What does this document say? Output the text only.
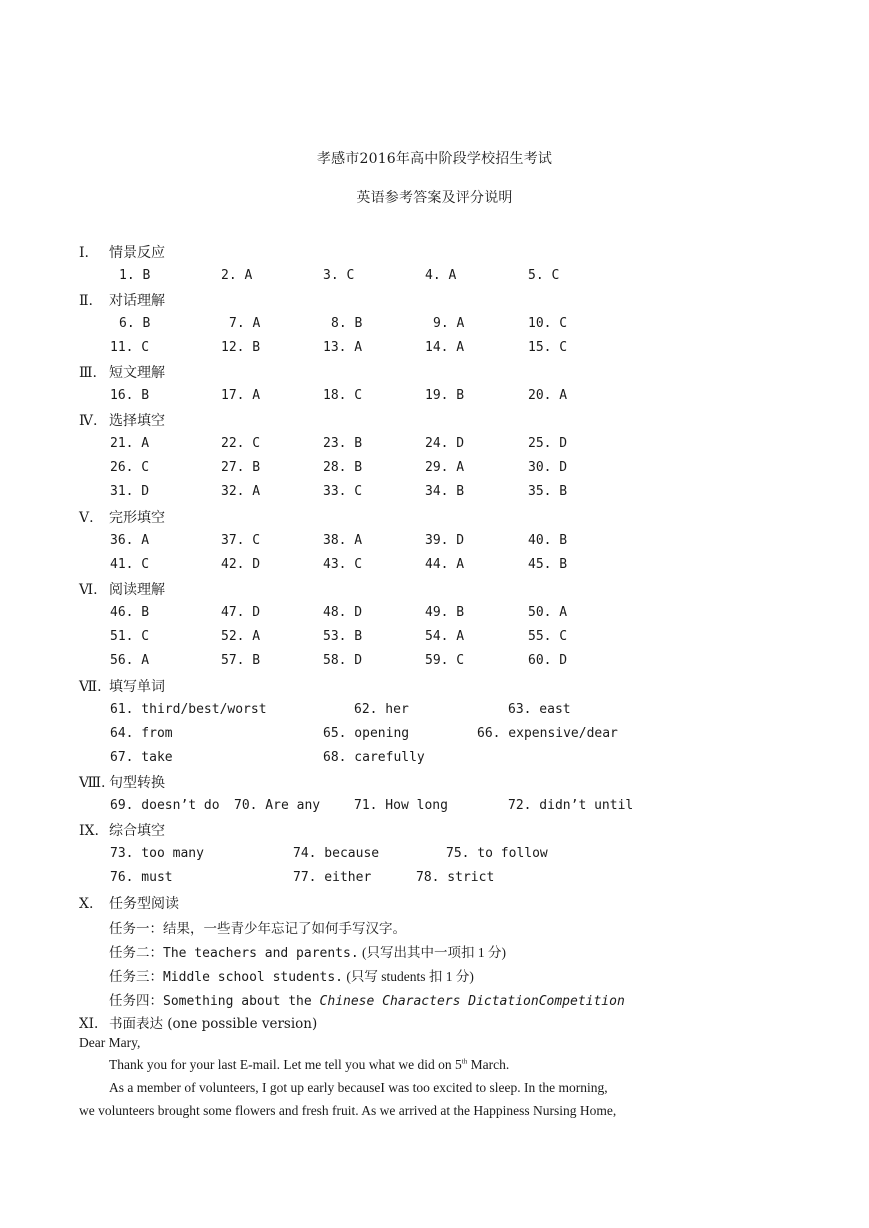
孝感市2016年高中阶段学校招生考试
英语参考答案及评分说明
Ⅰ. 情景反应
1. B	2. A	3. C	4. A	5. C
Ⅱ. 对话理解
6. B	7. A	8. B	9. A	10. C
11. C	12. B	13. A	14. A	15. C
Ⅲ. 短文理解
16. B	17. A	18. C	19. B	20. A
Ⅳ. 选择填空
21. A	22. C	23. B	24. D	25. D
26. C	27. B	28. B	29. A	30. D
31. D	32. A	33. C	34. B	35. B
Ⅴ. 完形填空
36. A	37. C	38. A	39. D	40. B
41. C	42. D	43. C	44. A	45. B
Ⅵ. 阅读理解
46. B	47. D	48. D	49. B	50. A
51. C	52. A	53. B	54. A	55. C
56. A	57. B	58. D	59. C	60. D
Ⅶ. 填写单词
61. third/best/worst	62. her	63. east
64. from	65. opening	66. expensive/dear
67. take	68. carefully
Ⅷ. 句型转换
69. doesn’t do 70. Are any	71. How long	72. didn’t until
IX. 综合填空
73. too many	74. because	75. to follow
76. must	77. either	78. strict
Ⅹ. 任务型阅读
任务一：结果，一些青少年忘记了如何手写汉字。
任务二：The teachers and parents. (只写出其中一项扣 1 分)
任务三：Middle school students. (只写 students 扣 1 分)
任务四：Something about the Chinese Characters DictationCompetition
XI. 书面表达 (one possible version)
Dear Mary,
Thank you for your last E-mail. Let me tell you what we did on 5th March.
As a member of volunteers, I got up early becauseI was too excited to sleep. In the morning,
we volunteers brought some flowers and fresh fruit. As we arrived at the Happiness Nursing Home,
